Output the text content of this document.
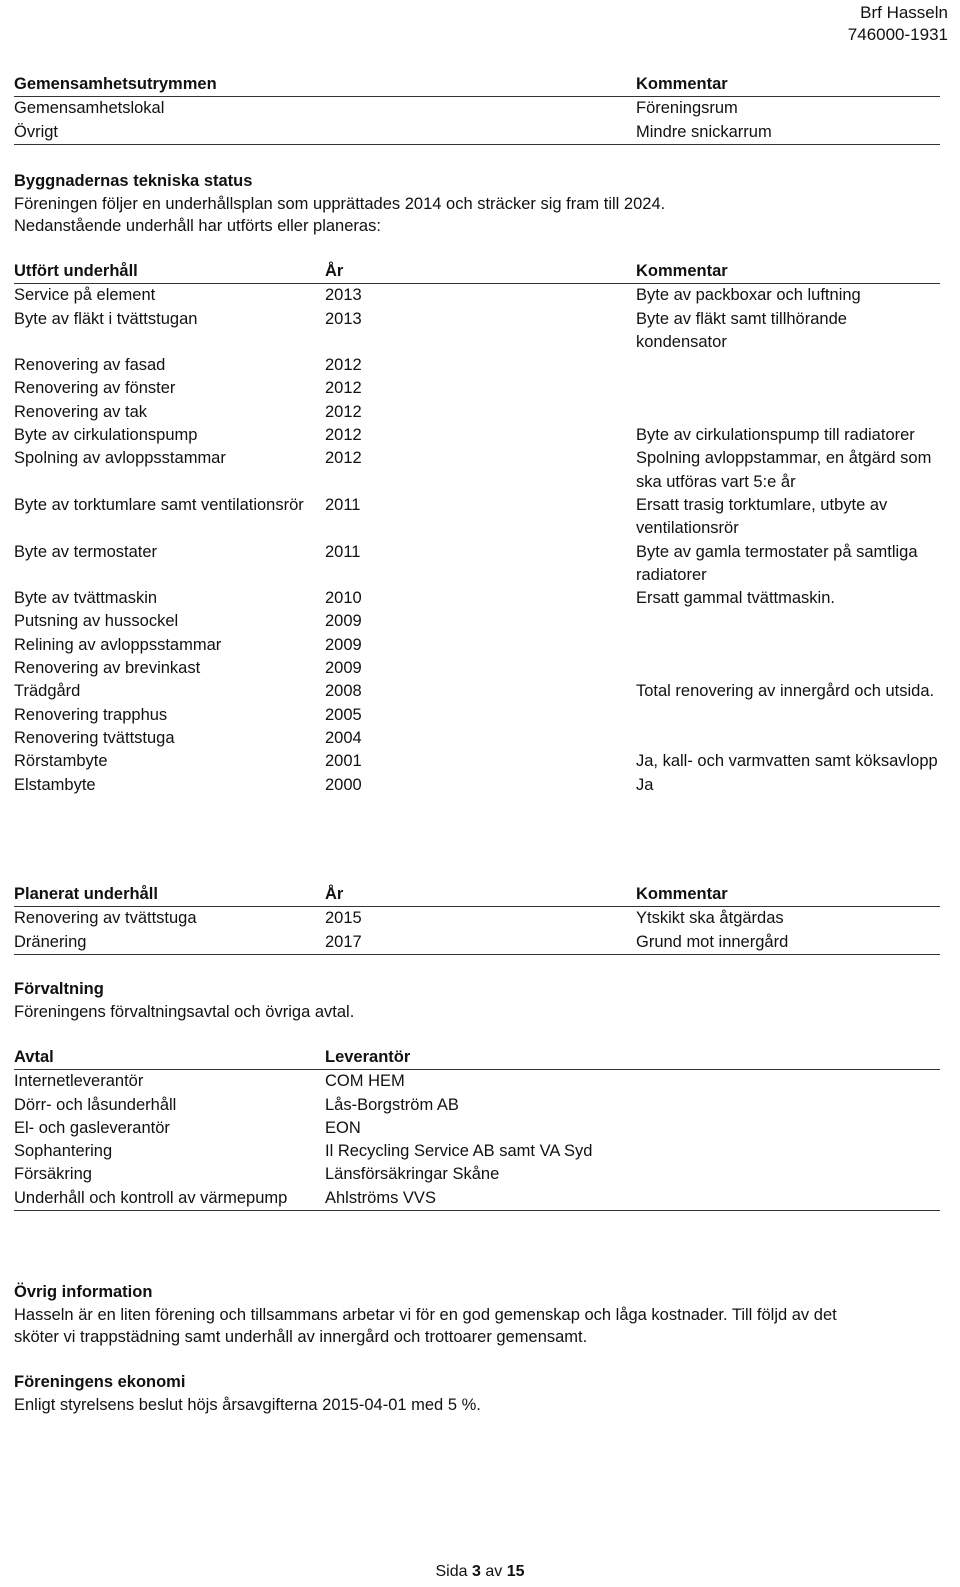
Brf Hasseln
746000-1931
Gemensamhetsutrymmen	Kommentar
Gemensamhetslokal	Föreningsrum
Övrigt	Mindre snickarrum

Byggnadernas tekniska status

Föreningen följer en underhållsplan som upprättades 2014 och sträcker sig fram till 2024.

Nedanstående underhåll har utförts eller planeras:

Utfört underhåll	År	Kommentar
Service på element	2013	Byte av packboxar och luftning
Byte av fläkt i tvättstugan	2013	Byte av fläkt samt tillhörande kondensator
Renovering av fasad	2012
Renovering av fönster	2012
Renovering av tak	2012
Byte av cirkulationspump	2012	Byte av cirkulationspump till radiatorer
Spolning av avloppsstammar	2012	Spolning avloppstammar, en åtgärd som ska utföras vart 5:e år
Byte av torktumlare samt ventilationsrör	2011	Ersatt trasig torktumlare, utbyte av ventilationsrör
Byte av termostater	2011	Byte av gamla termostater på samtliga radiatorer
Byte av tvättmaskin	2010	Ersatt gammal tvättmaskin.
Putsning av hussockel	2009
Relining av avloppsstammar	2009
Renovering av brevinkast	2009
Trädgård	2008	Total renovering av innergård och utsida.
Renovering trapphus	2005
Renovering tvättstuga	2004
Rörstambyte	2001	Ja, kall- och varmvatten samt köksavlopp
Elstambyte	2000	Ja
Planerat underhåll	År	Kommentar
Renovering av tvättstuga	2015	Ytskikt ska åtgärdas
Dränering	2017	Grund mot innergård

Förvaltning

Föreningens förvaltningsavtal och övriga avtal.

Avtal	Leverantör
Internetleverantör	COM HEM
Dörr- och låsunderhåll	Lås-Borgström AB
El- och gasleverantör	EON
Sophantering	Il Recycling Service AB samt VA Syd
Försäkring	Länsförsäkringar Skåne
Underhåll och kontroll av värmepump	Ahlströms VVS

Övrig information

Hasseln är en liten förening och tillsammans arbetar vi för en god gemenskap och låga kostnader. Till följd av det

sköter vi trappstädning samt underhåll av innergård och trottoarer gemensamt.

Föreningens ekonomi

Enligt styrelsens beslut höjs årsavgifterna 2015-04-01 med 5 %.

Sida 3 av 15
